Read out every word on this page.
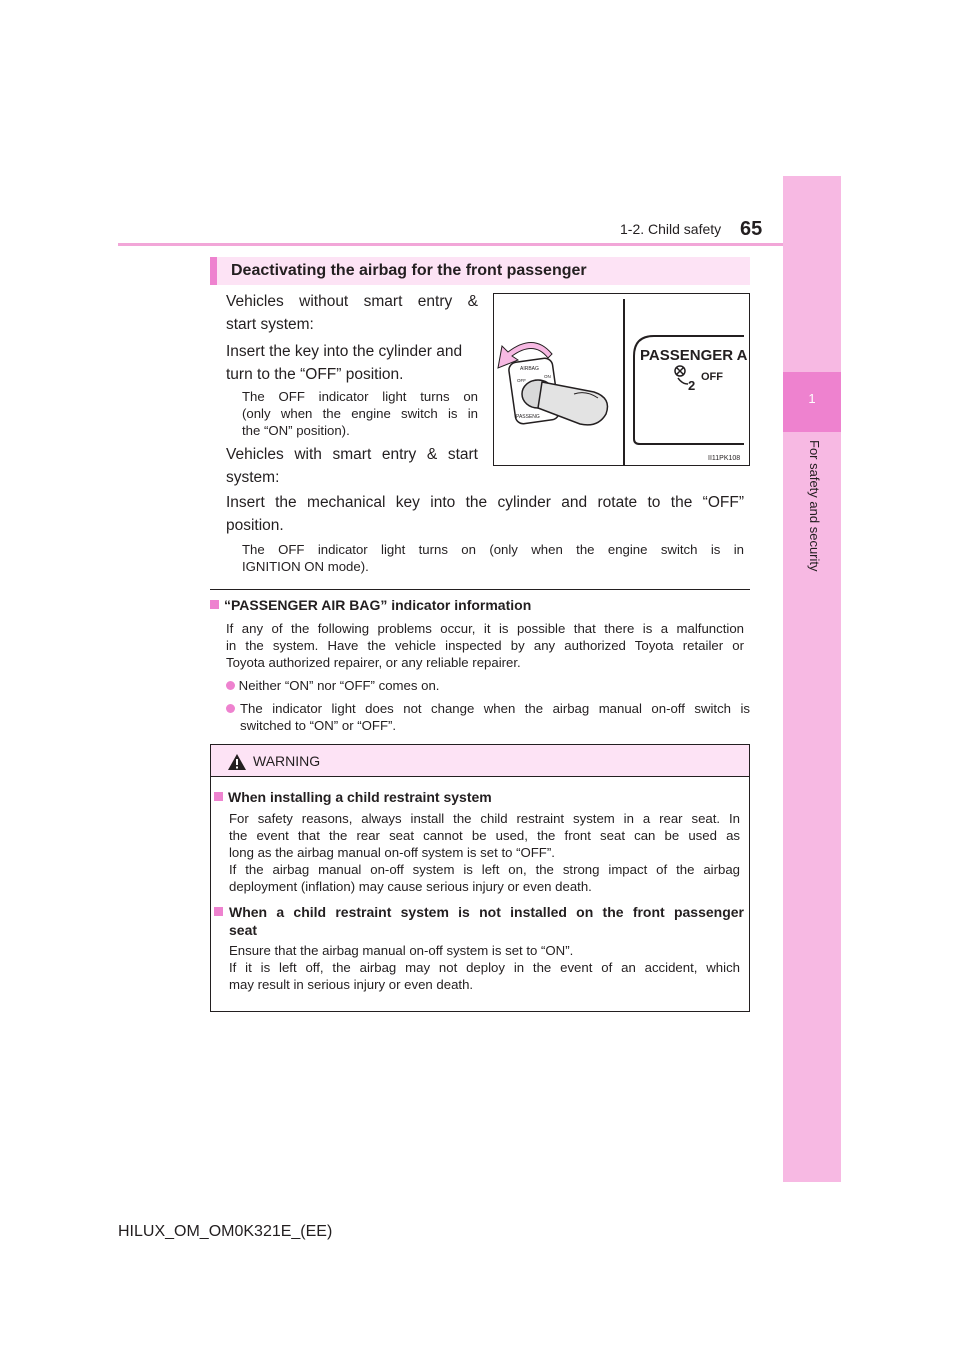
1-2. Child safety 65
1
For safety and security
Deactivating the airbag for the front passenger
Vehicles without smart entry &
start system:
Insert the key into the cylinder and
turn to the “OFF” position.
The OFF indicator light turns on
(only when the engine switch is in
the “ON” position).
Vehicles with smart entry & start
system:
Insert the mechanical key into the cylinder and rotate to the “OFF”
position.
The OFF indicator light turns on (only when the engine switch is in
IGNITION ON mode).
PASSENGER A
2
OFF
AIRBAG
PASSENG
ON
OFF
II11PK108
“PASSENGER AIR BAG” indicator information
If any of the following problems occur, it is possible that there is a malfunction
in the system. Have the vehicle inspected by any authorized Toyota retailer or
Toyota authorized repairer, or any reliable repairer.
Neither “ON” nor “OFF” comes on.
The indicator light does not change when the airbag manual on-off switch is
switched to “ON” or “OFF”.
WARNING
When installing a child restraint system
For safety reasons, always install the child restraint system in a rear seat. In
the event that the rear seat cannot be used, the front seat can be used as
long as the airbag manual on-off system is set to “OFF”.
If the airbag manual on-off system is left on, the strong impact of the airbag
deployment (inflation) may cause serious injury or even death.
When a child restraint system is not installed on the front passenger
seat
Ensure that the airbag manual on-off system is set to “ON”.
If it is left off, the airbag may not deploy in the event of an accident, which
may result in serious injury or even death.
HILUX_OM_OM0K321E_(EE)
